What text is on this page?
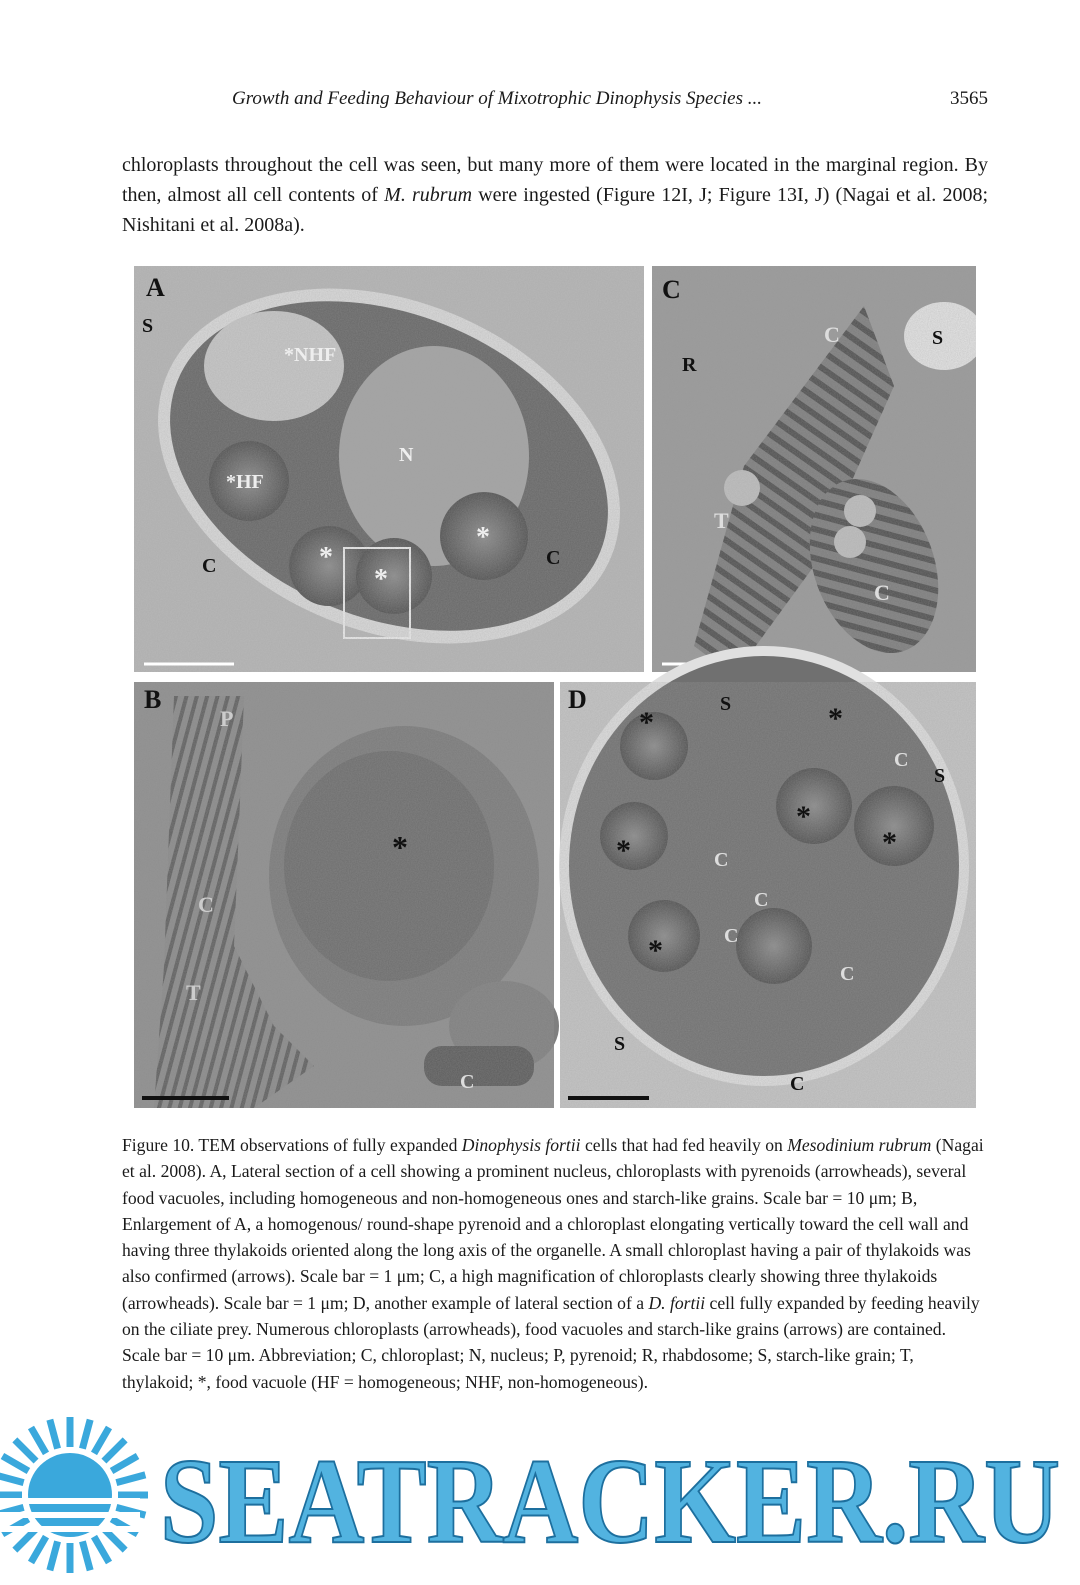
Growth and Feeding Behaviour of Mixotrophic Dinophysis Species ...	3565

chloroplasts throughout the cell was seen, but many more of them were located in the marginal region. By then, almost all cell contents of M. rubrum were ingested (Figure 12I, J; Figure 13I, J) (Nagai et al. 2008; Nishitani et al. 2008a).

A
S
*NHF
*HF
N
C	C
*
*
*
C
R
S
C
C
T
B
P
C
T
*
C
D	S
S
S
C
C
C
C
C
C
*	*
*
*
*
*

Figure 10. TEM observations of fully expanded Dinophysis fortii cells that had fed heavily on Mesodinium rubrum (Nagai et al. 2008). A, Lateral section of a cell showing a prominent nucleus, chloroplasts with pyrenoids (arrowheads), several food vacuoles, including homogeneous and non-homogeneous ones and starch-like grains. Scale bar = 10 μm; B, Enlargement of A, a homogenous/ round-shape pyrenoid and a chloroplast elongating vertically toward the cell wall and having three thylakoids oriented along the long axis of the organelle. A small chloroplast having a pair of thylakoids was also confirmed (arrows). Scale bar = 1 μm; C, a high magnification of chloroplasts clearly showing three thylakoids (arrowheads). Scale bar = 1 μm; D, another example of lateral section of a D. fortii cell fully expanded by feeding heavily on the ciliate prey. Numerous chloroplasts (arrowheads), food vacuoles and starch-like grains (arrows) are contained. Scale bar = 10 μm. Abbreviation; C, chloroplast; N, nucleus; P, pyrenoid; R, rhabdosome; S, starch-like grain; T, thylakoid; *, food vacuole (HF = homogeneous; NHF, non-homogeneous).

SEATRACKER.RU
